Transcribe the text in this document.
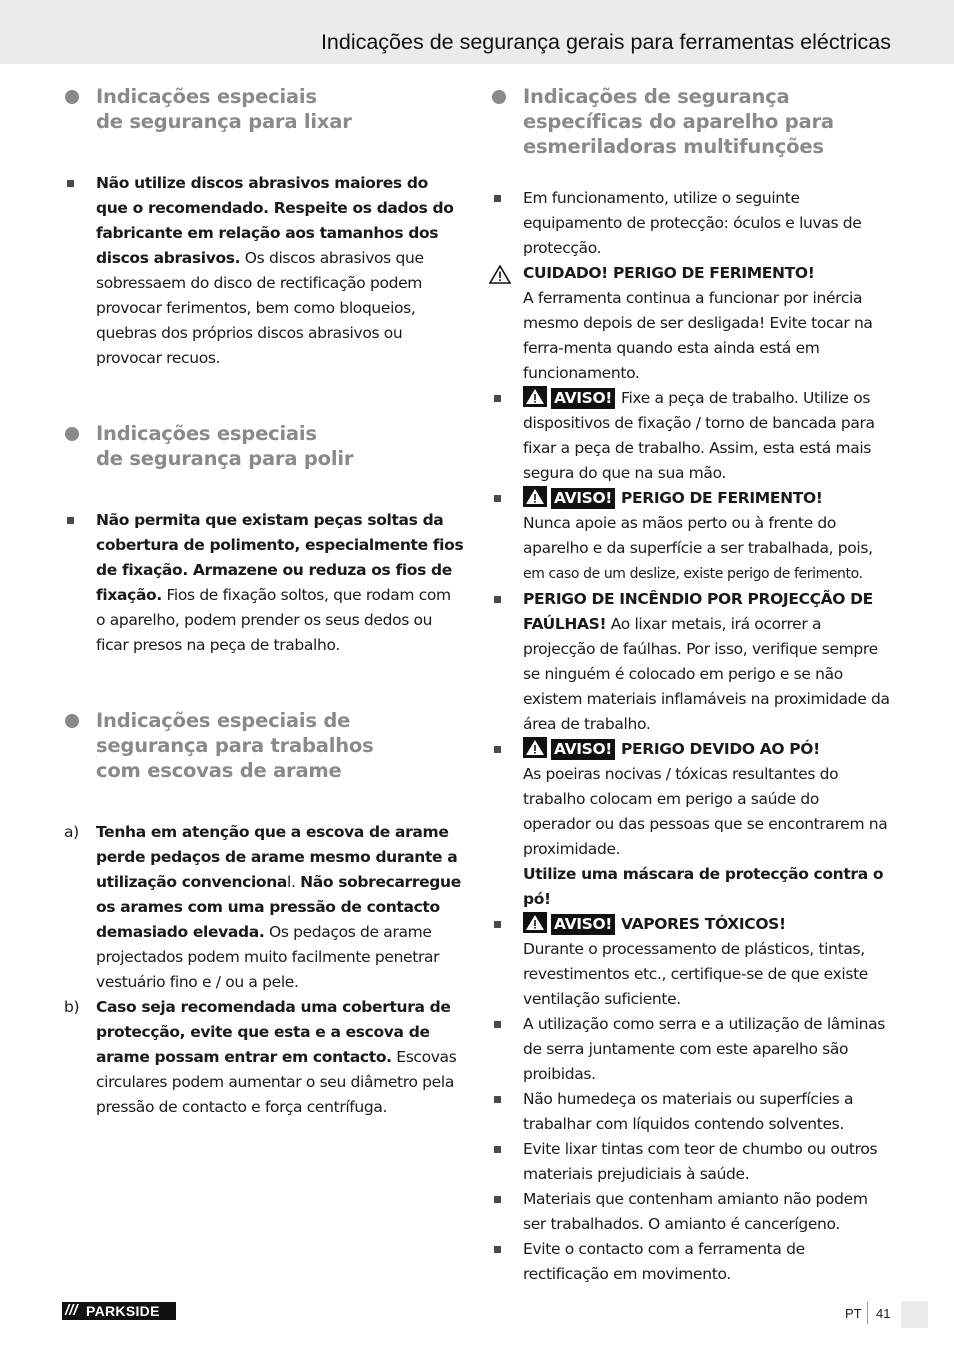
Indicações de segurança gerais para ferramentas eléctricas
Indicações especiais
de segurança para lixar
Não utilize discos abrasivos maiores do que o recomendado. Respeite os dados do fabricante em relação aos tamanhos dos discos abrasivos. Os discos abrasivos que sobressaem do disco de rectificação podem provocar ferimentos, bem como bloqueios, quebras dos próprios discos abrasivos ou provocar recuos.
Indicações especiais
de segurança para polir
Não permita que existam peças soltas da cobertura de polimento, especialmente fios de fixação. Armazene ou reduza os fios de fixação. Fios de fixação soltos, que rodam com o aparelho, podem prender os seus dedos ou ficar presos na peça de trabalho.
Indicações especiais de
segurança para trabalhos
com escovas de arame
a) Tenha em atenção que a escova de arame perde pedaços de arame mesmo durante a utilização convencional. Não sobrecarregue os arames com uma pressão de contacto demasiado elevada. Os pedaços de arame projectados podem muito facilmente penetrar vestuário fino e / ou a pele.
b) Caso seja recomendada uma cobertura de protecção, evite que esta e a escova de arame possam entrar em contacto. Escovas circulares podem aumentar o seu diâmetro pela pressão de contacto e força centrífuga.
Indicações de segurança
específicas do aparelho para
esmeriladoras multifunções
Em funcionamento, utilize o seguinte equipamento de protecção: óculos e luvas de protecção.
CUIDADO! PERIGO DE FERIMENTO!
A ferramenta continua a funcionar por inércia mesmo depois de ser desligada! Evite tocar na ferra-menta quando esta ainda está em funcionamento.
AVISO! Fixe a peça de trabalho. Utilize os dispositivos de fixação / torno de bancada para fixar a peça de trabalho. Assim, esta está mais segura do que na sua mão.
AVISO! PERIGO DE FERIMENTO!
Nunca apoie as mãos perto ou à frente do aparelho e da superfície a ser trabalhada, pois, em caso de um deslize, existe perigo de ferimento.
PERIGO DE INCÊNDIO POR PROJECÇÃO DE FAÚLHAS! Ao lixar metais, irá ocorrer a projecção de faúlhas. Por isso, verifique sempre se ninguém é colocado em perigo e se não existem materiais inflamáveis na proximidade da área de trabalho.
AVISO! PERIGO DEVIDO AO PÓ!
As poeiras nocivas / tóxicas resultantes do trabalho colocam em perigo a saúde do operador ou das pessoas que se encontrarem na proximidade.
Utilize uma máscara de protecção contra o pó!
AVISO! VAPORES TÓXICOS!
Durante o processamento de plásticos, tintas, revestimentos etc., certifique-se de que existe ventilação suficiente.
A utilização como serra e a utilização de lâminas de serra juntamente com este aparelho são proibidas.
Não humedeça os materiais ou superfícies a trabalhar com líquidos contendo solventes.
Evite lixar tintas com teor de chumbo ou outros materiais prejudiciais à saúde.
Materiais que contenham amianto não podem ser trabalhados. O amianto é cancerígeno.
Evite o contacto com a ferramenta de rectificação em movimento.
/// PARKSIDE	PT 41
